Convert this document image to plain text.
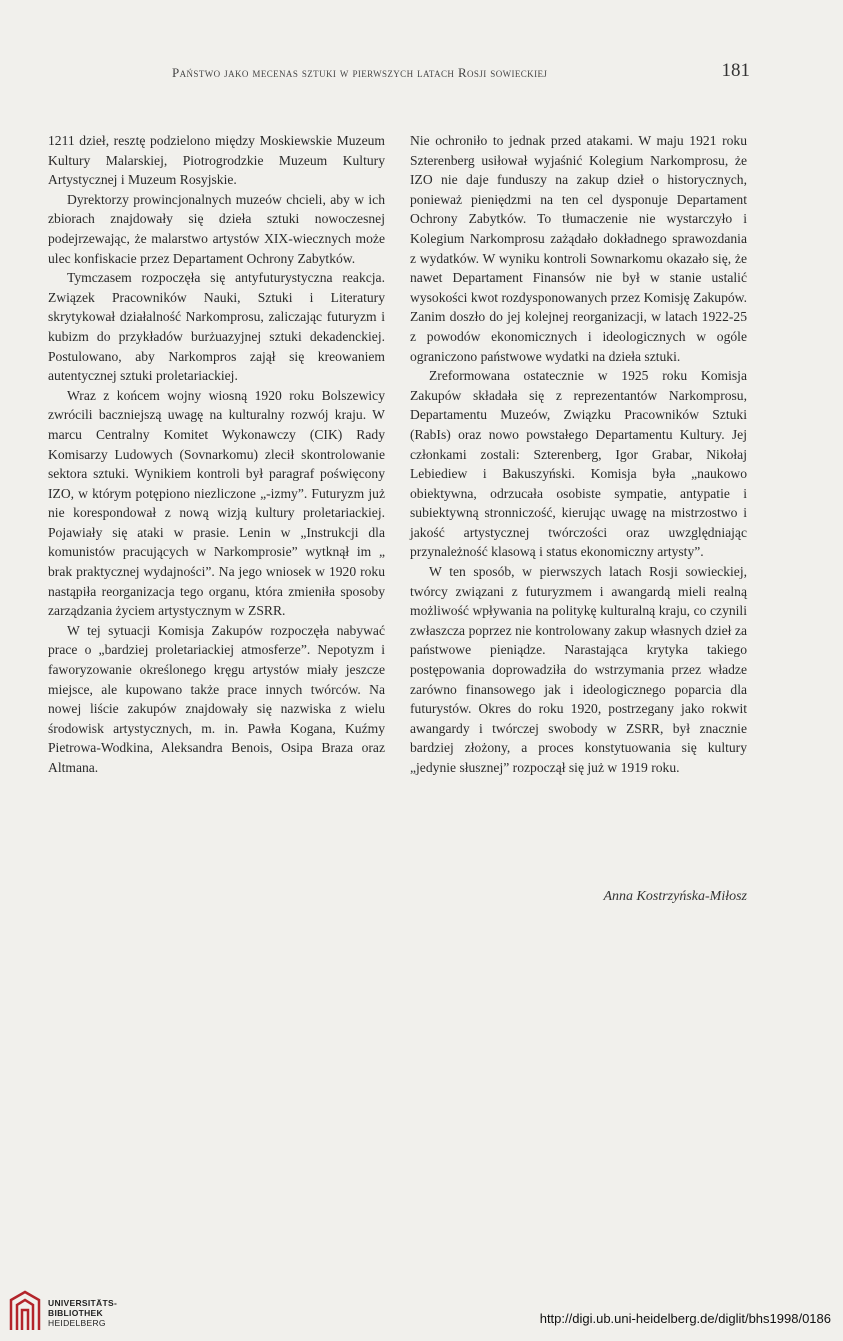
Państwo jako mecenas sztuki w pierwszych latach Rosji sowieckiej	181

1211 dzieł, resztę podzielono między Moskiewskie Muzeum Kultury Malarskiej, Piotrogrodzkie Muzeum Kultury Artystycznej i Muzeum Rosyjskie.

Dyrektorzy prowincjonalnych muzeów chcieli, aby w ich zbiorach znajdowały się dzieła sztuki nowoczesnej podejrzewając, że malarstwo artystów XIX-wiecznych może ulec konfiskacie przez Departament Ochrony Zabytków.

Tymczasem rozpoczęła się antyfuturystyczna reakcja. Związek Pracowników Nauki, Sztuki i Literatury skrytykował działalność Narkomprosu, zaliczając futuryzm i kubizm do przykładów burżuazyjnej sztuki dekadenckiej. Postulowano, aby Narkompros zajął się kreowaniem autentycznej sztuki proletariackiej.

Wraz z końcem wojny wiosną 1920 roku Bolszewicy zwrócili baczniejszą uwagę na kulturalny rozwój kraju. W marcu Centralny Komitet Wykonawczy (CIK) Rady Komisarzy Ludowych (Sovnarkomu) zlecił skontrolowanie sektora sztuki. Wynikiem kontroli był paragraf poświęcony IZO, w którym potępiono niezliczone „-izmy”. Futuryzm już nie korespondował z nową wizją kultury proletariackiej. Pojawiały się ataki w prasie. Lenin w „Instrukcji dla komunistów pracujących w Narkomprosie” wytknął im „ brak praktycznej wydajności”. Na jego wniosek w 1920 roku nastąpiła reorganizacja tego organu, która zmieniła sposoby zarządzania życiem artystycznym w ZSRR.

W tej sytuacji Komisja Zakupów rozpoczęła nabywać prace o „bardziej proletariackiej atmosferze”. Nepotyzm i faworyzowanie określonego kręgu artystów miały jeszcze miejsce, ale kupowano także prace innych twórców. Na nowej liście zakupów znajdowały się nazwiska z wielu środowisk artystycznych, m. in. Pawła Kogana, Kuźmy Pietrowa-Wodkina, Aleksandra Benois, Osipa Braza oraz Altmana.

Nie ochroniło to jednak przed atakami. W maju 1921 roku Szterenberg usiłował wyjaśnić Kolegium Narkomprosu, że IZO nie daje funduszy na zakup dzieł o historycznych, ponieważ pieniędzmi na ten cel dysponuje Departament Ochrony Zabytków. To tłumaczenie nie wystarczyło i Kolegium Narkomprosu zażądało dokładnego sprawozdania z wydatków. W wyniku kontroli Sownarkomu okazało się, że nawet Departament Finansów nie był w stanie ustalić wysokości kwot rozdysponowanych przez Komisję Zakupów. Zanim doszło do jej kolejnej reorganizacji, w latach 1922-25 z powodów ekonomicznych i ideologicznych w ogóle ograniczono państwowe wydatki na dzieła sztuki.

Zreformowana ostatecznie w 1925 roku Komisja Zakupów składała się z reprezentantów Narkomprosu, Departamentu Muzeów, Związku Pracowników Sztuki (RabIs) oraz nowo powstałego Departamentu Kultury. Jej członkami zostali: Szterenberg, Igor Grabar, Nikołaj Lebiediew i Bakuszyński. Komisja była „naukowo obiektywna, odrzucała osobiste sympatie, antypatie i subiektywną stronniczość, kierując uwagę na mistrzostwo i jakość artystycznej twórczości oraz uwzględniając przynależność klasową i status ekonomiczny artysty”.

W ten sposób, w pierwszych latach Rosji sowieckiej, twórcy związani z futuryzmem i awangardą mieli realną możliwość wpływania na politykę kulturalną kraju, co czynili zwłaszcza poprzez nie kontrolowany zakup własnych dzieł za państwowe pieniądze. Narastająca krytyka takiego postępowania doprowadziła do wstrzymania przez władze zarówno finansowego jak i ideologicznego poparcia dla futurystów. Okres do roku 1920, postrzegany jako rokwit awangardy i twórczej swobody w ZSRR, był znacznie bardziej złożony, a proces konstytuowania się kultury „jedynie słusznej” rozpoczął się już w 1919 roku.

Anna Kostrzyńska-Miłosz
UNIVERSITÄTS-
BIBLIOTHEK
HEIDELBERG	http://digi.ub.uni-heidelberg.de/diglit/bhs1998/0186
